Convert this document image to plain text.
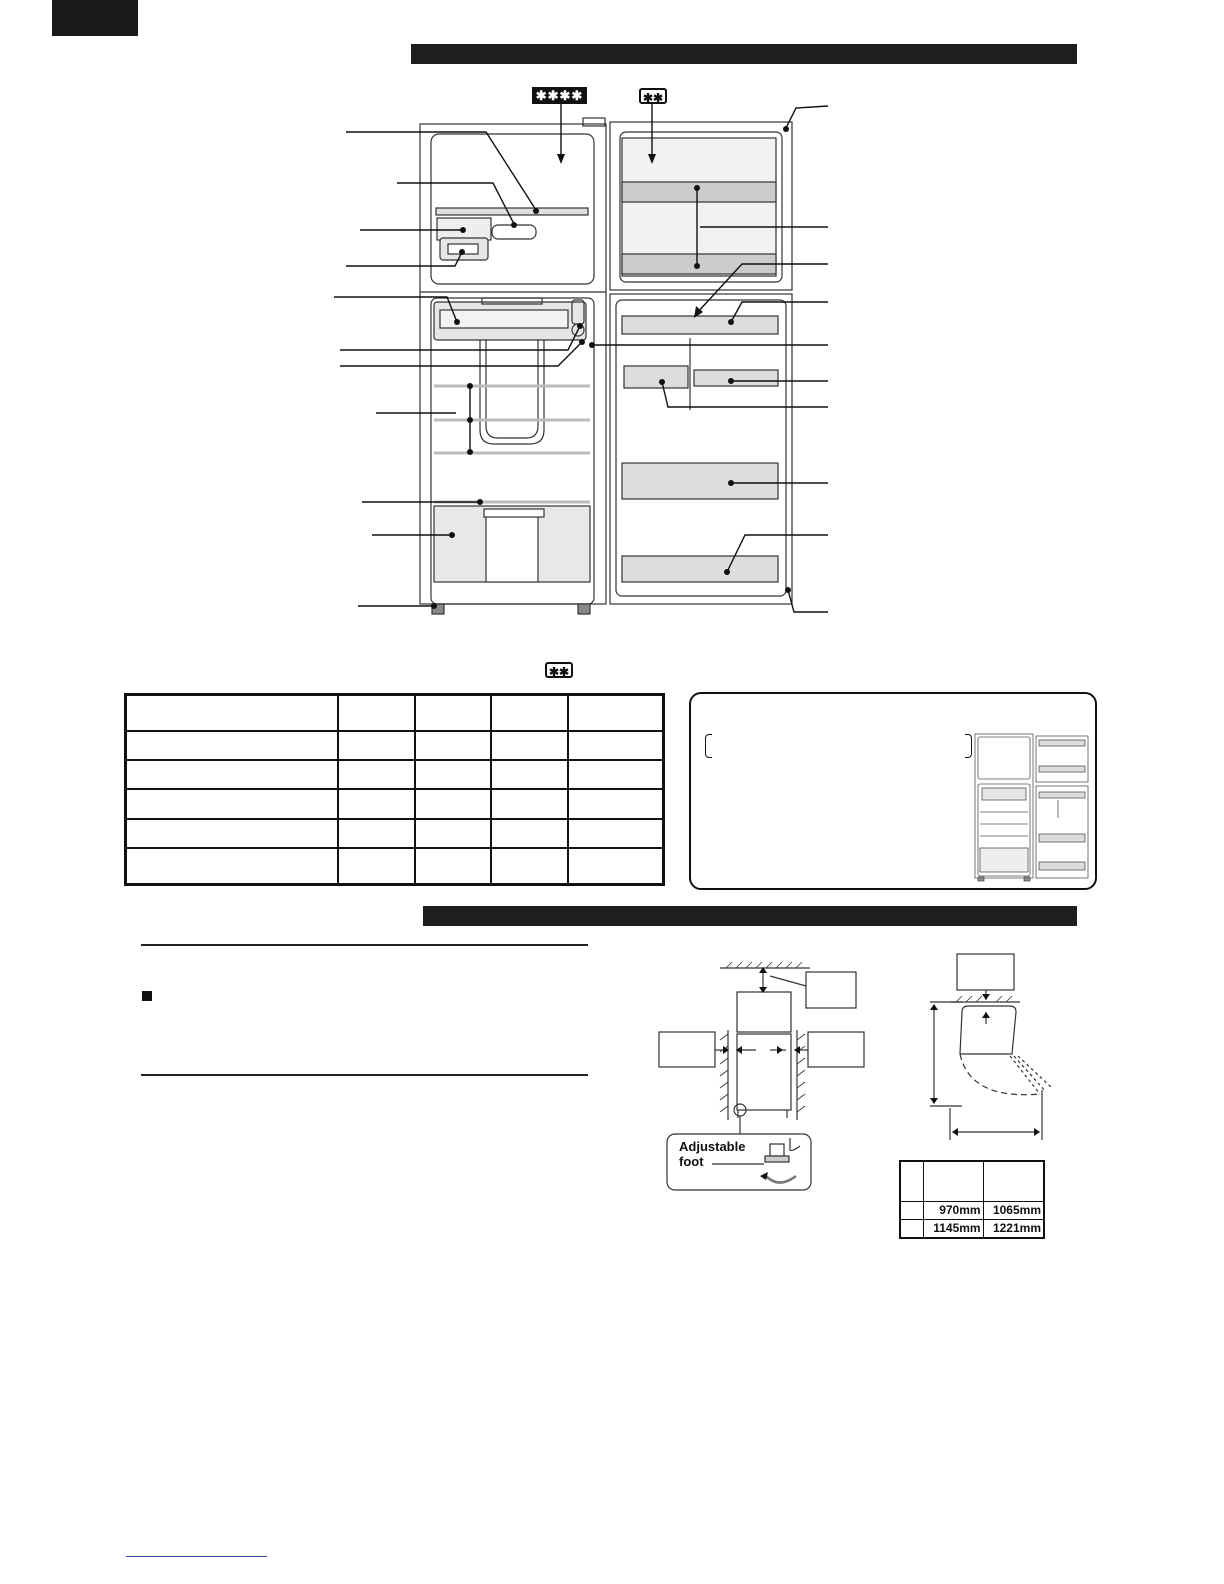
✱✱✱✱	✱✱
✱✱

Adjustable
foot

	970mm	1065mm
	1145mm	1221mm
